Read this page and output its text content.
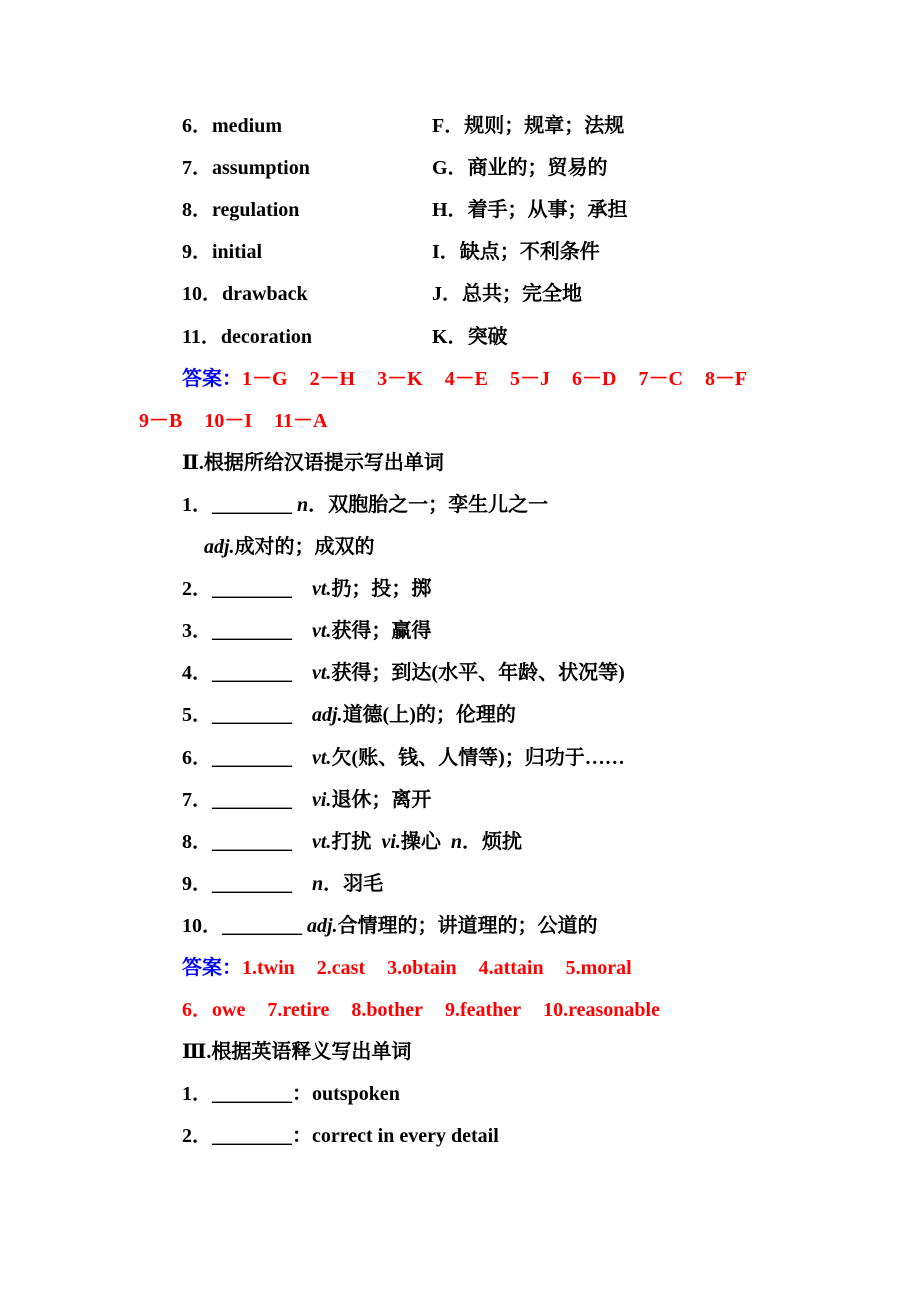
6．medium	F．规则；规章；法规
7．assumption	G．商业的；贸易的
8．regulation	H．着手；从事；承担
9．initial	I．缺点；不利条件
10．drawback	J．总共；完全地
11．decoration	K．突破
答案：1－G 2－H 3－K 4－E 5－J 6－D 7－C 8－F
9－B 10－I 11－A
Ⅱ.根据所给汉语提示写出单词
1．________ n．双胞胎之一；孪生儿之一
adj.成对的；成双的
2．________ vt.扔；投；掷
3．________ vt.获得；赢得
4．________ vt.获得；到达(水平、年龄、状况等)
5．________ adj.道德(上)的；伦理的
6．________ vt.欠(账、钱、人情等)；归功于……
7．________ vi.退休；离开
8．________ vt.打扰  vi.操心  n．烦扰
9．________ n．羽毛
10．________ adj.合情理的；讲道理的；公道的
答案：1.twin 2.cast 3.obtain 4.attain 5.moral
6．owe 7.retire 8.bother 9.feather 10.reasonable
Ⅲ.根据英语释义写出单词
1．________：outspoken
2．________：correct in every detail
